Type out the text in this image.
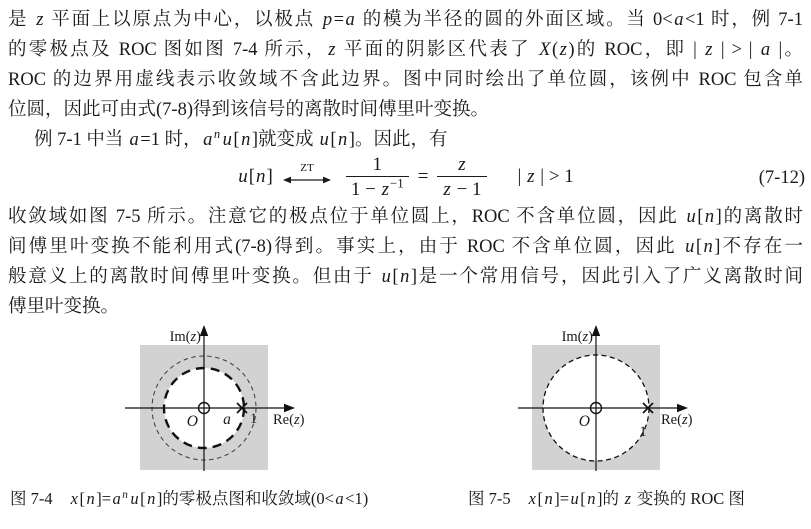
是 z 平面上以原点为中心，以极点 p=a 的模为半径的圆的外面区域。当 0<a<1 时，例 7-1
的零极点及 ROC 图如图 7-4 所示，z 平面的阴影区代表了 X(z)的 ROC，即 | z | > | a |。
ROC 的边界用虚线表示收敛域不含此边界。图中同时绘出了单位圆，该例中 ROC 包含单
位圆，因此可由式(7-8)得到该信号的离散时间傅里叶变换。
例 7-1 中当 a=1 时，a $^n$ u[n]就变成 u[n]。因此，有
u[n] ZT $\frac{1}{1 - z^{-1}} = \frac{z}{z - 1}$ | z | > 1	(7-12)
收敛域如图 7-5 所示。注意它的极点位于单位圆上，ROC 不含单位圆，因此 u[n]的离散时
间傅里叶变换不能利用式(7-8)得到。事实上，由于 ROC 不含单位圆，因此 u[n]不存在一
般意义上的离散时间傅里叶变换。但由于 u[n]是一个常用信号，因此引入了广义离散时间
傅里叶变换。
Im(z)
Re(z)
O a 1
Im(z)
Re(z)
O
1
图 7-4　x[n]=a $^n$ u[n]的零极点图和收敛域(0<a<1)	图 7-5　x[n]=u[n]的 z 变换的 ROC 图
